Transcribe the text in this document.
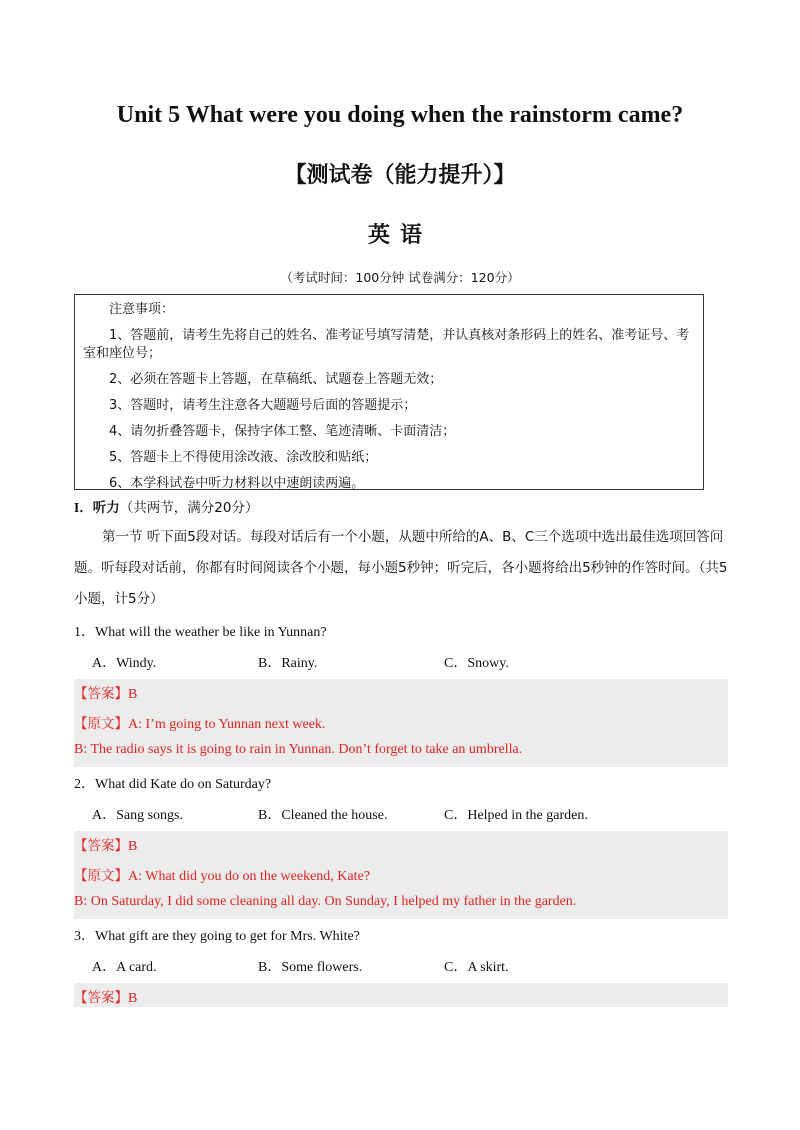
Unit 5 What were you doing when the rainstorm came?
【测试卷（能力提升）】
英语
（考试时间：100分钟 试卷满分：120分）
注意事项：
1、答题前，请考生先将自己的姓名、准考证号填写清楚，并认真核对条形码上的姓名、准考证号、考室和座位号；
2、必须在答题卡上答题，在草稿纸、试题卷上答题无效；
3、答题时，请考生注意各大题题号后面的答题提示；
4、请勿折叠答题卡，保持字体工整、笔迹清晰、卡面清洁；
5、答题卡上不得使用涂改液、涂改胶和贴纸；
6、本学科试卷中听力材料以中速朗读两遍。
I．听力（共两节，满分20分）
第一节 听下面5段对话。每段对话后有一个小题，从题中所给的A、B、C三个选项中选出最佳选项回答问题。听每段对话前，你都有时间阅读各个小题，每小题5秒钟；听完后，各小题将给出5秒钟的作答时间。（共5小题，计5分）
1．What will the weather be like in Yunnan?
A．Windy.	B．Rainy.	C．Snowy.
【答案】B
【原文】A: I’m going to Yunnan next week.
B: The radio says it is going to rain in Yunnan. Don’t forget to take an umbrella.
2．What did Kate do on Saturday?
A．Sang songs.	B．Cleaned the house.	C．Helped in the garden.
【答案】B
【原文】A: What did you do on the weekend, Kate?
B: On Saturday, I did some cleaning all day. On Sunday, I helped my father in the garden.
3．What gift are they going to get for Mrs. White?
A．A card.	B．Some flowers.	C．A skirt.
【答案】B
